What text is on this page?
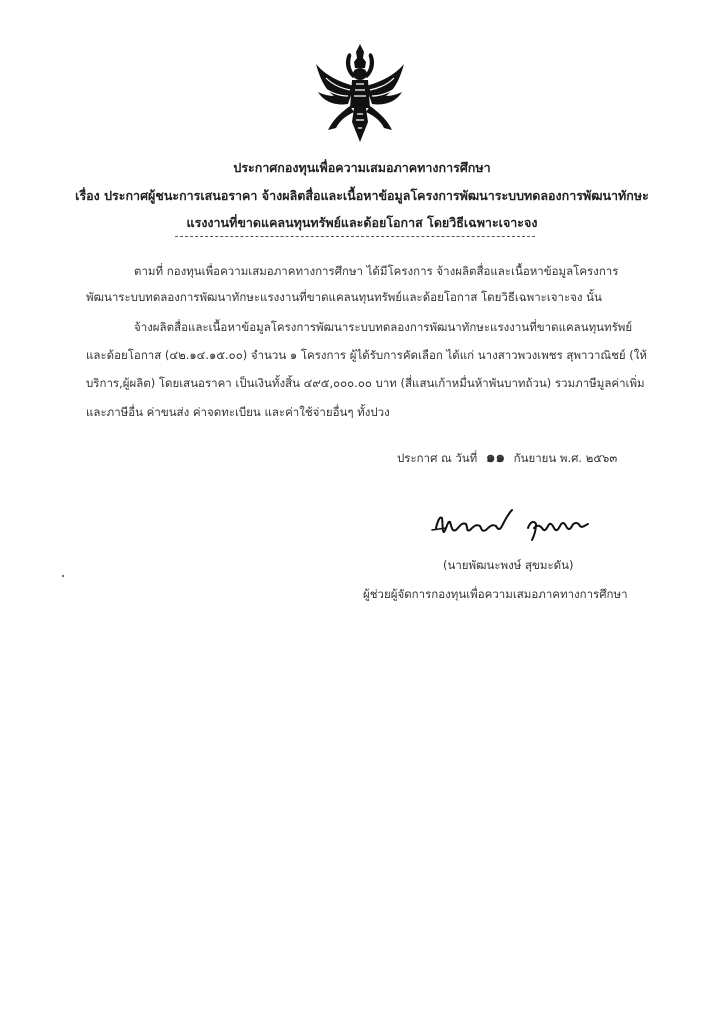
ประกาศกองทุนเพื่อความเสมอภาคทางการศึกษา
เรื่อง ประกาศผู้ชนะการเสนอราคา จ้างผลิตสื่อและเนื้อหาข้อมูลโครงการพัฒนาระบบทดลองการพัฒนาทักษะ
แรงงานที่ขาดแคลนทุนทรัพย์และด้อยโอกาส โดยวิธีเฉพาะเจาะจง
ตามที่ กองทุนเพื่อความเสมอภาคทางการศึกษา ได้มีโครงการ จ้างผลิตสื่อและเนื้อหาข้อมูลโครงการ
พัฒนาระบบทดลองการพัฒนาทักษะแรงงานที่ขาดแคลนทุนทรัพย์และด้อยโอกาส โดยวิธีเฉพาะเจาะจง นั้น
จ้างผลิตสื่อและเนื้อหาข้อมูลโครงการพัฒนาระบบทดลองการพัฒนาทักษะแรงงานที่ขาดแคลนทุนทรัพย์
และด้อยโอกาส (๔๒.๑๔.๑๕.๐๐) จำนวน ๑ โครงการ ผู้ได้รับการคัดเลือก ได้แก่ นางสาวพวงเพชร สุพาวาณิชย์ (ให้
บริการ,ผู้ผลิต) โดยเสนอราคา เป็นเงินทั้งสิ้น ๔๙๕,๐๐๐.๐๐ บาท (สี่แสนเก้าหมื่นห้าพันบาทถ้วน) รวมภาษีมูลค่าเพิ่ม
และภาษีอื่น ค่าขนส่ง ค่าจดทะเบียน และค่าใช้จ่ายอื่นๆ ทั้งปวง
ประกาศ ณ วันที่ ๑๑ กันยายน พ.ศ. ๒๕๖๓
(นายพัฒนะพงษ์ สุขมะดัน)
ผู้ช่วยผู้จัดการกองทุนเพื่อความเสมอภาคทางการศึกษา
